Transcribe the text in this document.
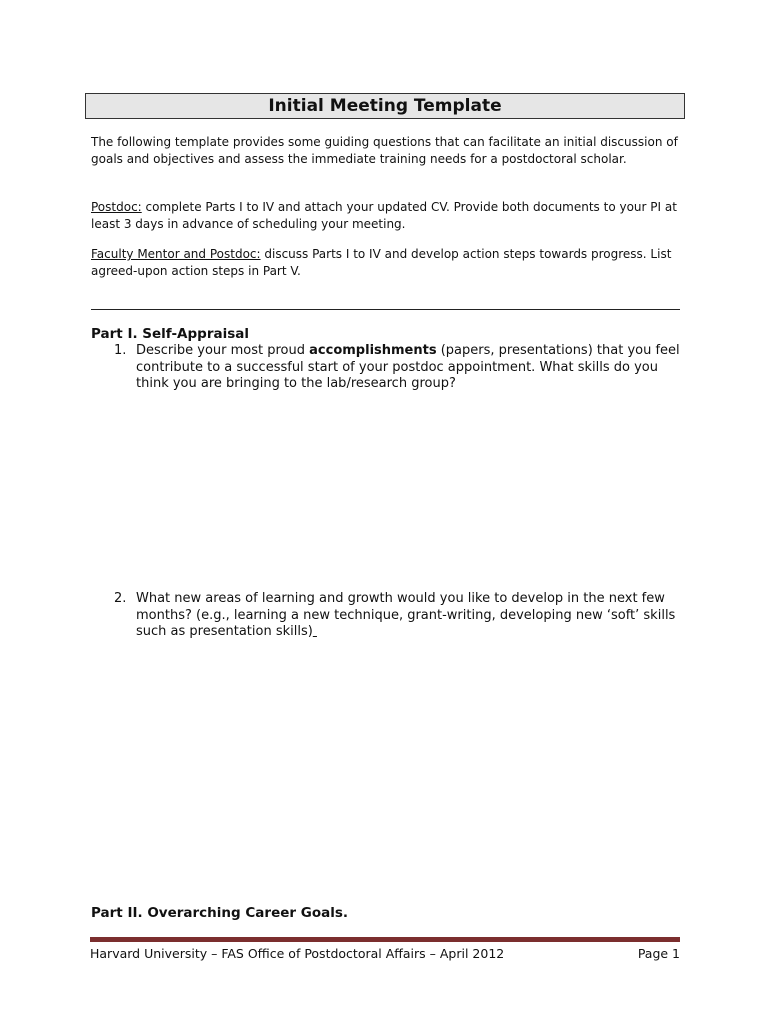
Initial Meeting Template
The following template provides some guiding questions that can facilitate an initial discussion of goals and objectives and assess the immediate training needs for a postdoctoral scholar.
Postdoc: complete Parts I to IV and attach your updated CV. Provide both documents to your PI at least 3 days in advance of scheduling your meeting.
Faculty Mentor and Postdoc: discuss Parts I to IV and develop action steps towards progress. List agreed-upon action steps in Part V.
Part I. Self-Appraisal
1. Describe your most proud accomplishments (papers, presentations) that you feel contribute to a successful start of your postdoc appointment. What skills do you think you are bringing to the lab/research group?
2. What new areas of learning and growth would you like to develop in the next few months? (e.g., learning a new technique, grant-writing, developing new ‘soft’ skills such as presentation skills)
Part II. Overarching Career Goals.
Harvard University – FAS Office of Postdoctoral Affairs – April 2012	Page 1
